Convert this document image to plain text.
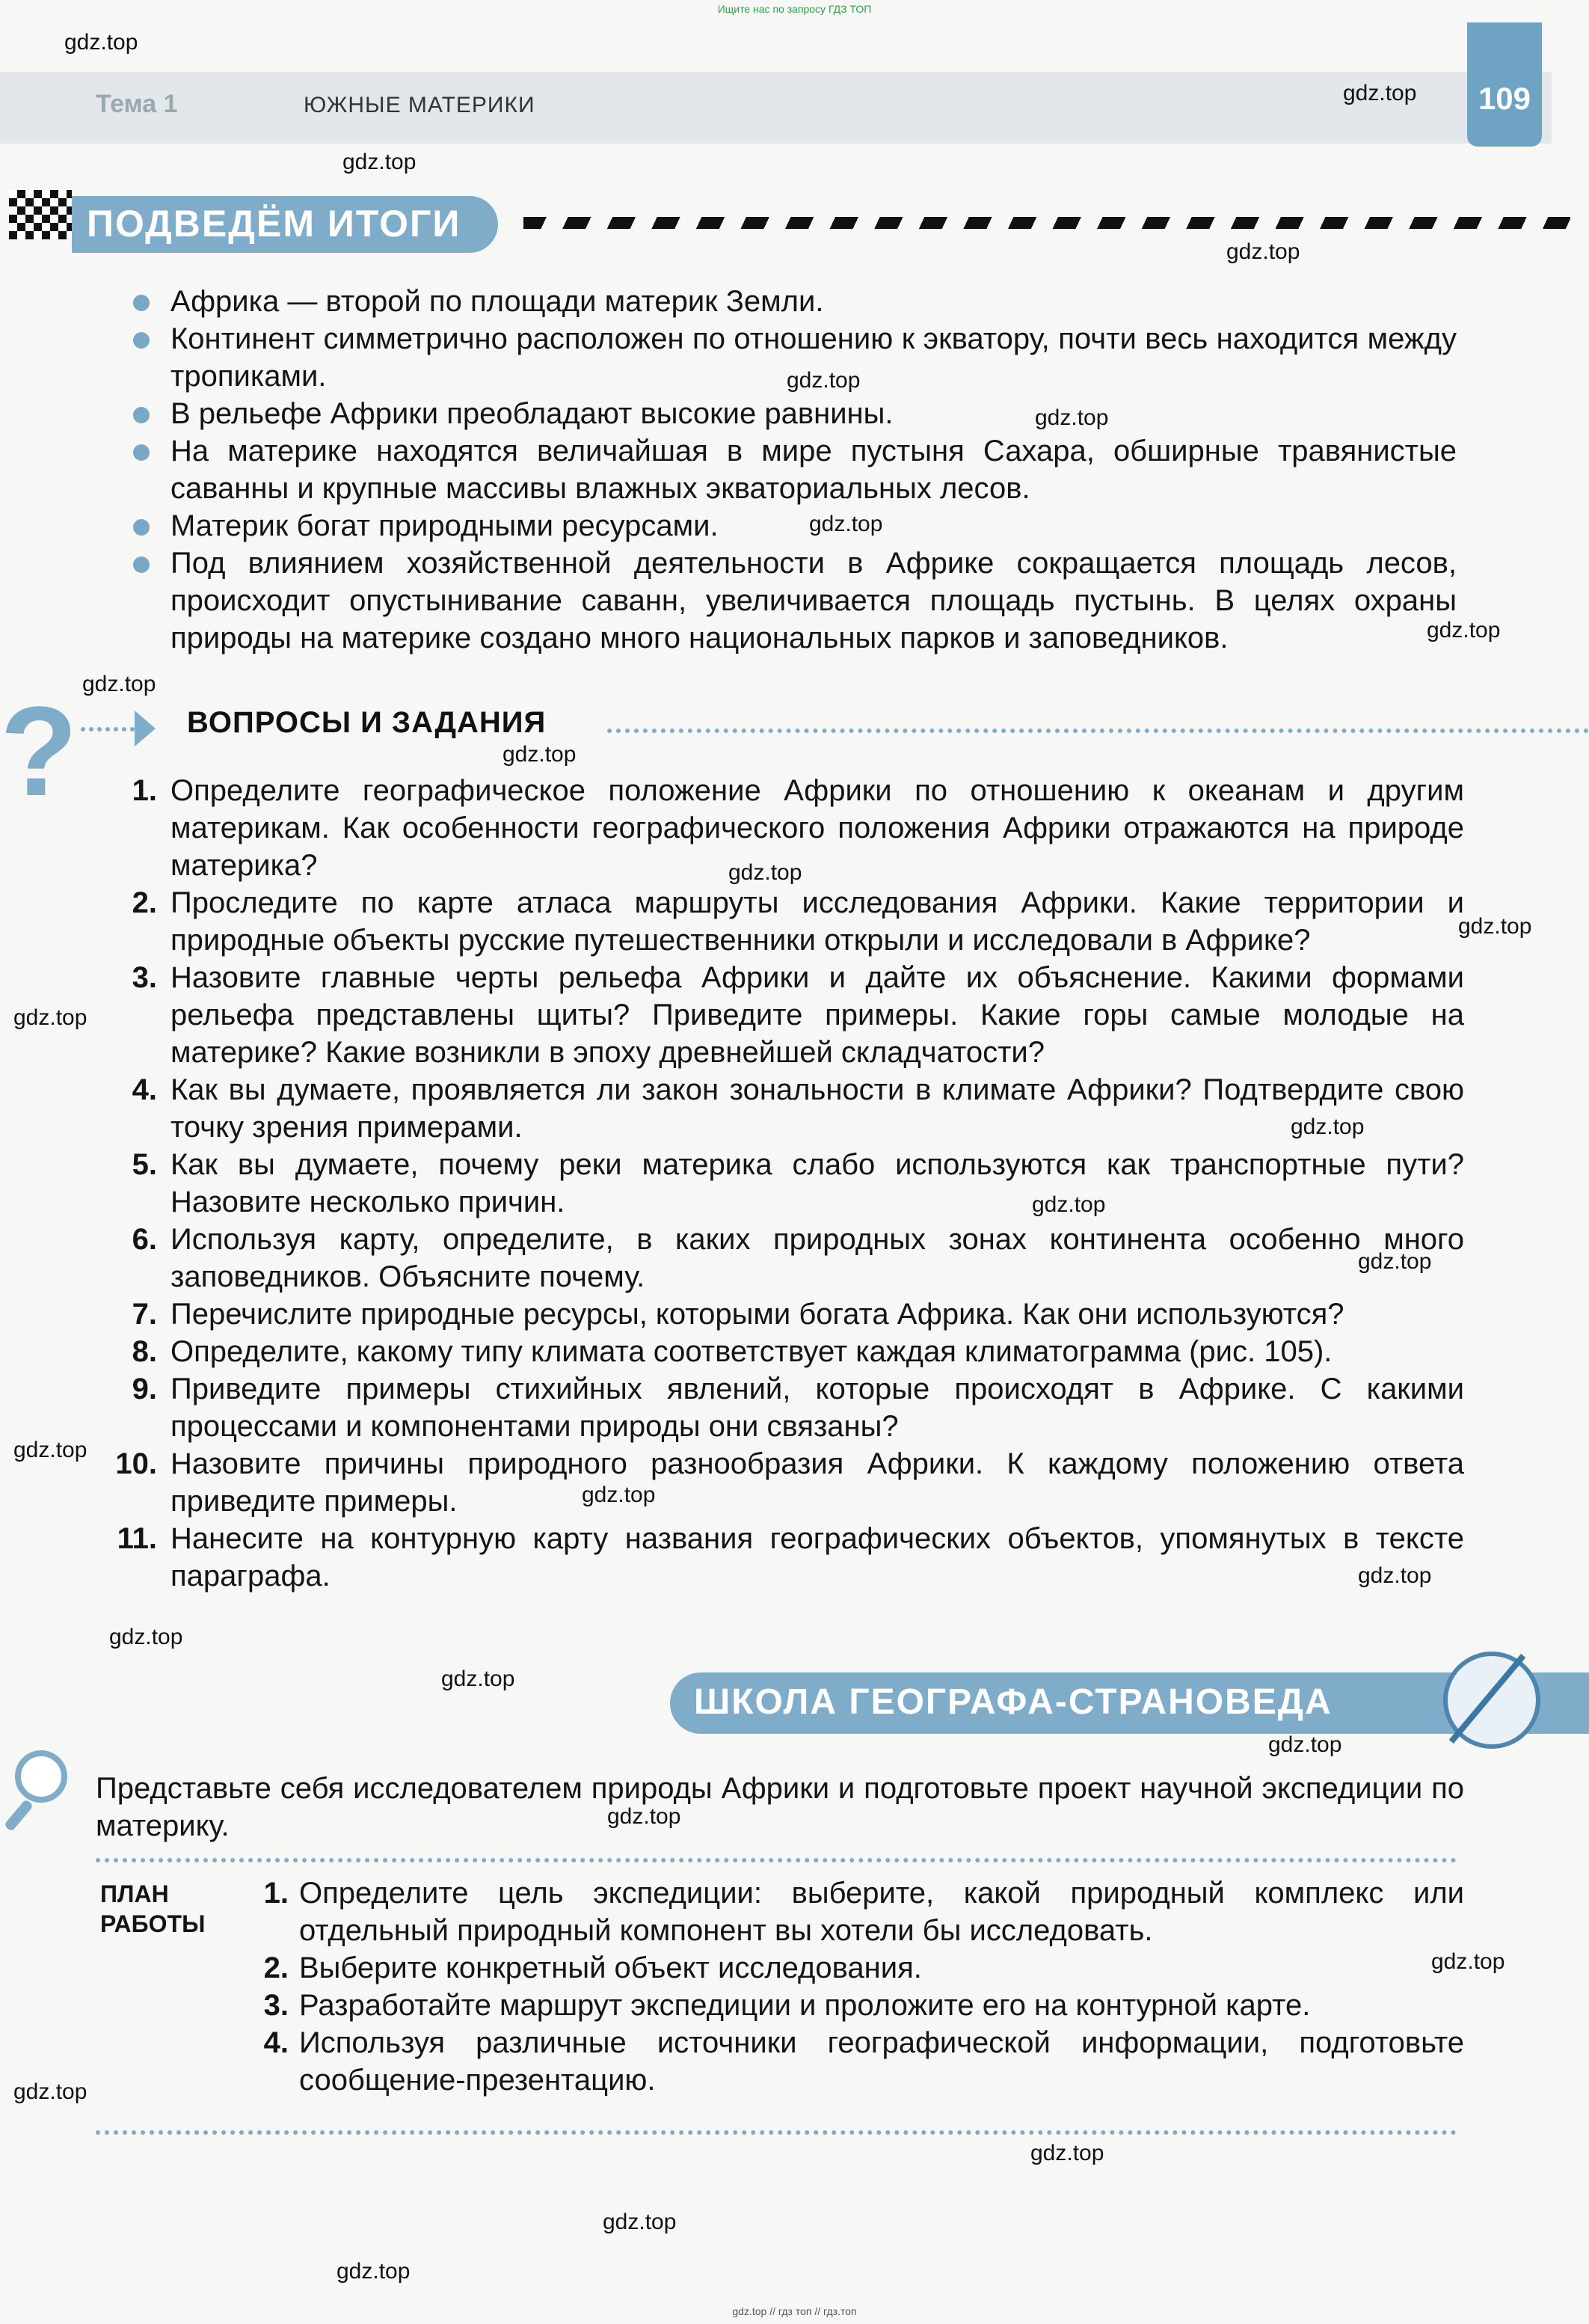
Ищите нас по запросу ГДЗ ТОП
Тема 1	ЮЖНЫЕ МАТЕРИКИ	109
ПОДВЕДЁМ ИТОГИ
Африка — второй по площади материк Земли.
Континент симметрично расположен по отношению к экватору, почти весь находится между тропиками.
В рельефе Африки преобладают высокие равнины.
На материке находятся величайшая в мире пустыня Сахара, обширные травянистые саванны и крупные массивы влажных экваториальных лесов.
Материк богат природными ресурсами.
Под влиянием хозяйственной деятельности в Африке сокращается площадь лесов, происходит опустынивание саванн, увеличивается площадь пустынь. В целях охраны природы на материке создано много национальных парков и заповедников.
?	ВОПРОСЫ И ЗАДАНИЯ
1. Определите географическое положение Африки по отношению к океанам и другим материкам. Как особенности географического положения Африки отражаются на природе материка?
2. Проследите по карте атласа маршруты исследования Африки. Какие территории и природные объекты русские путешественники открыли и исследовали в Африке?
3. Назовите главные черты рельефа Африки и дайте их объяснение. Какими формами рельефа представлены щиты? Приведите примеры. Какие горы самые молодые на материке? Какие возникли в эпоху древнейшей складчатости?
4. Как вы думаете, проявляется ли закон зональности в климате Африки? Подтвердите свою точку зрения примерами.
5. Как вы думаете, почему реки материка слабо используются как транспортные пути? Назовите несколько причин.
6. Используя карту, определите, в каких природных зонах континента особенно много заповедников. Объясните почему.
7. Перечислите природные ресурсы, которыми богата Африка. Как они используются?
8. Определите, какому типу климата соответствует каждая климатограмма (рис. 105).
9. Приведите примеры стихийных явлений, которые происходят в Африке. С какими процессами и компонентами природы они связаны?
10. Назовите причины природного разнообразия Африки. К каждому положению ответа приведите примеры.
11. Нанесите на контурную карту названия географических объектов, упомянутых в тексте параграфа.
ШКОЛА ГЕОГРАФА-СТРАНОВЕДА
Представьте себя исследователем природы Африки и подготовьте проект научной экспедиции по материку.
ПЛАН
РАБОТЫ
1. Определите цель экспедиции: выберите, какой природный комплекс или отдельный природный компонент вы хотели бы исследовать.
2. Выберите конкретный объект исследования.
3. Разработайте маршрут экспедиции и проложите его на контурной карте.
4. Используя различные источники географической информации, подготовьте сообщение-презентацию.
gdz.top
gdz.top
gdz.top
gdz.top
gdz.top
gdz.top
gdz.top
gdz.top
gdz.top
gdz.top
gdz.top
gdz.top
gdz.top
gdz.top
gdz.top
gdz.top
gdz.top
gdz.top
gdz.top
gdz.top
gdz.top
gdz.top
gdz.top
gdz.top
gdz.top
gdz.top
gdz.top
gdz.top
gdz.top // гдз топ // гдз.топ
